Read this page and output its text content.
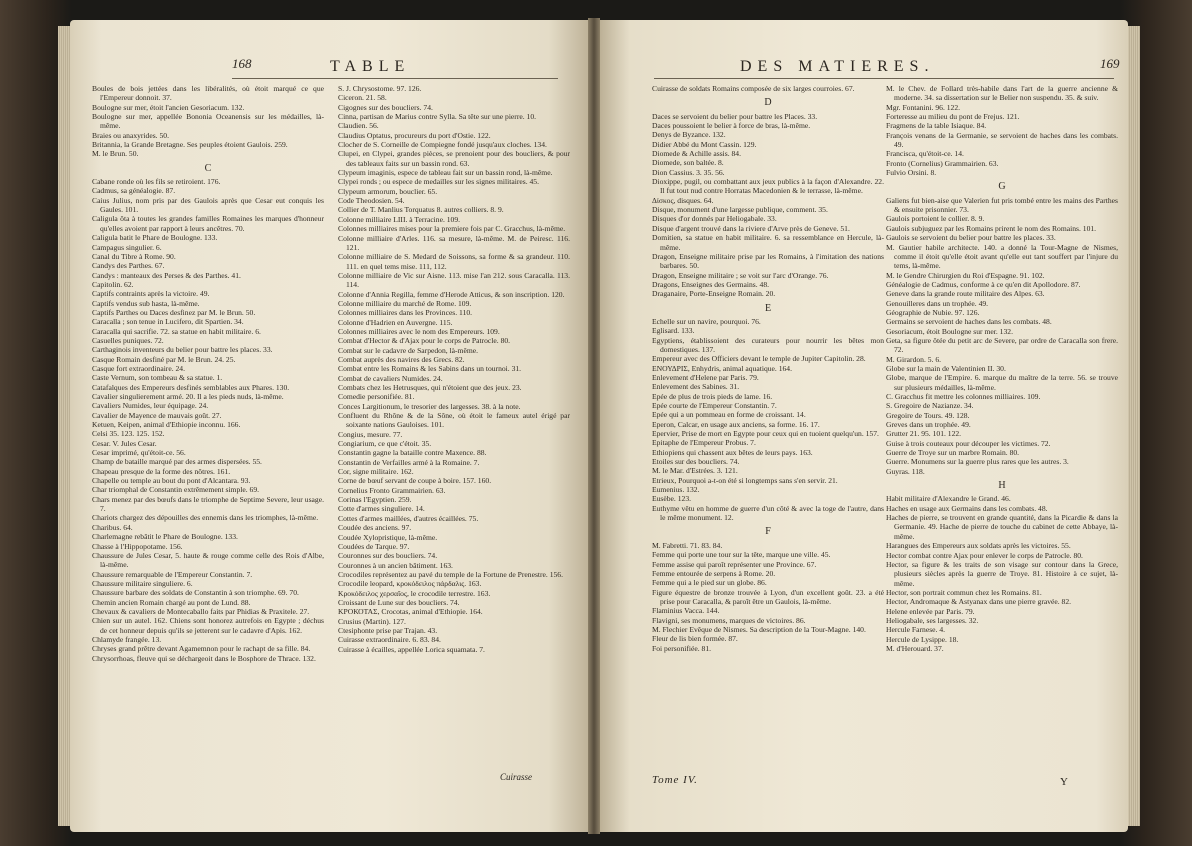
168	TABLE	DES MATIERES.	169

Boules de bois jettées dans les libéralités, où étoit marqué ce que l'Empereur donnoit. 37.

Boulogne sur mer, étoit l'ancien Gesoriacum. 132.

Boulogne sur mer, appellée Bononia Oceanensis sur les médailles, là-même.

Braies ou anaxyrides. 50.

Britannia, la Grande Bretagne. Ses peuples étoient Gaulois. 259.

M. le Brun. 50.

C

Cabane ronde où les fils se retiroient. 176.

Cadmus, sa généalogie. 87.

Caius Julius, nom pris par des Gaulois après que Cesar eut conquis les Gaules. 101.

Caligula ôta à toutes les grandes familles Romaines les marques d'honneur qu'elles avoient par rapport à leurs ancêtres. 70.

Caligula batit le Phare de Boulogne. 133.

Campagus singulier. 6.

Canal du Tibre à Rome. 90.

Candys des Parthes. 67.

Candys : manteaux des Perses & des Parthes. 41.

Capitolin. 62.

Captifs contraints après la victoire. 49.

Captifs vendus sub hasta, là-même.

Captifs Parthes ou Daces desfinez par M. le Brun. 50.

Caracalla ; son tenue in Lucifero, dit Spartien. 34.

Caracalla qui sacrifie. 72. sa statue en habit militaire. 6.

Casuelles puniques. 72.

Carthaginois inventeurs du belier pour battre les places. 33.

Casque Romain desfiné par M. le Brun. 24. 25.

Casque fort extraordinaire. 24.

Caste Vernum, son tombeau & sa statue. 1.

Catafalques des Empereurs desfinés semblables aux Phares. 130.

Cavalier singulierement armé. 20. Il a les pieds nuds, là-même.

Cavaliers Numides, leur équipage. 24.

Cavalier de Mayence de mauvais goût. 27.

Ketuen, Keipen, animal d'Ethiopie inconnu. 166.

Celsi 35. 123. 125. 152.

Cesar. V. Jules Cesar.

Cesar imprimé, qu'étoit-ce. 56.

Champ de bataille marqué par des armes dispersées. 55.

Chapeau presque de la forme des nôtres. 161.

Chapelle ou temple au bout du pont d'Alcantara. 93.

Char triomphal de Constantin extrêmement simple. 69.

Chars menez par des bœufs dans le triomphe de Septime Severe, leur usage. 7.

Chariots chargez des dépouilles des ennemis dans les triomphes, là-même.

Charibus. 64.

Charlemagne rebâtit le Phare de Boulogne. 133.

Chasse à l'Hippopotame. 156.

Chaussure de Jules Cesar, 5. haute & rouge comme celle des Rois d'Albe, là-même.

Chaussure remarquable de l'Empereur Constantin. 7.

Chaussure militaire singuliere. 6.

Chaussure barbare des soldats de Constantin à son triomphe. 69. 70.

Chemin ancien Romain chargé au pont de Lund. 88.

Chevaux & cavaliers de Montecaballo faits par Phidias & Praxitele. 27.

Chien sur un autel. 162. Chiens sont honorez autrefois en Egypte ; déchus de cet honneur depuis qu'ils se jetterent sur le cadavre d'Apis. 162.

Chlamyde frangée. 13.

Chryses grand prêtre devant Agamemnon pour le rachapt de sa fille. 84.

Chrysorrhoas, fleuve qui se déchargeoit dans le Bosphore de Thrace. 132.

S. J. Chrysostome. 97. 126.

Ciceron. 21. 58.

Cigognes sur des boucliers. 74.

Cinna, partisan de Marius contre Sylla. Sa tête sur une pierre. 10.

Claudien. 56.

Claudius Optatus, procureurs du port d'Ostie. 122.

Clocher de S. Corneille de Compiegne fondé jusqu'aux cloches. 134.

Clupei, en Clypei, grandes pièces, se prenoient pour des boucliers, & pour des tableaux faits sur un bassin rond. 63.

Clypeum imaginis, espece de tableau fait sur un bassin rond, là-même.

Clypei ronds ; ou espece de medailles sur les signes militaires. 45.

Clypeum armorum, bouclier. 65.

Code Theodosien. 54.

Collier de T. Manlius Torquatus 8. autres colliers. 8. 9.

Colonne milliaire LIII. à Terracine. 109.

Colonnes milliaires mises pour la premiere fois par C. Gracchus, là-même.

Colonne milliaire d'Arles. 116. sa mesure, là-même. M. de Peiresc. 116. 121.

Colonne milliaire de S. Medard de Soissons, sa forme & sa grandeur. 110. 111. en quel tems mise. 111, 112.

Colonne milliaire de Vic sur Aisne. 113. mise l'an 212. sous Caracalla. 113. 114.

Colonne d'Annia Regilla, femme d'Herode Atticus, & son inscription. 120.

Colonne milliaire du marché de Rome. 109.

Colonnes milliaires dans les Provinces. 110.

Colonne d'Hadrien en Auvergne. 115.

Colonnes milliaires avec le nom des Empereurs. 109.

Combat d'Hector & d'Ajax pour le corps de Patrocle. 80.

Combat sur le cadavre de Sarpedon, là-même.

Combat auprès des navires des Grecs. 82.

Combat entre les Romains & les Sabins dans un tournoi. 31.

Combat de cavaliers Numides. 24.

Combats chez les Hetrusques, qui n'étoient que des jeux. 23.

Comedie personifiée. 81.

Conces Largitionum, le tresorier des largesses. 38. à la note.

Confluent du Rhône & de la Sône, où étoit le fameux autel érigé par soixante nations Gauloises. 101.

Congius, mesure. 77.

Congiarium, ce que c'étoit. 35.

Constantin gagne la bataille contre Maxence. 88.

Constantin de Verfailles armé à la Romaine. 7.

Cor, signe militaire. 162.

Corne de bœuf servant de coupe à boire. 157. 160.

Cornelius Fronto Grammairien. 63.

Corinas l'Egyptien. 259.

Cotte d'armes singuliere. 14.

Cottes d'armes maillées, d'autres écaillées. 75.

Coudée des anciens. 97.

Coudée Xylopristique, là-même.

Coudées de Tarque. 97.

Couronnes sur des boucliers. 74.

Couronnes à un ancien bâtiment. 163.

Crocodiles représentez au pavé du temple de la Fortune de Prenestre. 156.

Crocodile leopard, κροκόδειλος πάρδαλις. 163.

Κροκόδειλος χερσαῖος, le crocodile terrestre. 163.

Croissant de Lune sur des boucliers. 74.

ΚΡΟΚΟΤΑΣ, Crocotas, animal d'Ethiopie. 164.

Crusius (Martin). 127.

Ctesiphonte prise par Trajan. 43.

Cuirasse extraordinaire. 6. 83. 84.

Cuirasse à écailles, appellée Lorica squamata. 7.

Cuirasse

Cuirasse de soldats Romains composée de six larges courroies. 67.

D

Daces se servoient du belier pour battre les Places. 33.

Daces poussoient le belier à force de bras, là-même.

Denys de Byzance. 132.

Didier Abbé du Mont Cassin. 129.

Diomede & Achille assis. 84.

Diomede, son baltée. 8.

Dion Cassius. 3. 35. 56.

Dioxippe, pugil, ou combattant aux jeux publics à la façon d'Alexandre. 22. Il fut tout nud contre Horratas Macedonien & le terrasse, là-même.

Δίσκος, disques. 64.

Disque, monument d'une largesse publique, comment. 35.

Disques d'or donnés par Heliogabale. 33.

Disque d'argent trouvé dans la riviere d'Arve près de Geneve. 51.

Domitien, sa statue en habit militaire. 6. sa ressemblance en Hercule, là-même.

Dragon, Enseigne militaire prise par les Romains, à l'imitation des nations barbares. 50.

Dragon, Enseigne militaire ; se voit sur l'arc d'Orange. 76.

Dragons, Enseignes des Germains. 48.

Draganaire, Porte-Enseigne Romain. 20.

E

Echelle sur un navire, pourquoi. 76.

Eglisard. 133.

Egyptiens, établissoient des curateurs pour nourrir les bêtes mon domestiques. 137.

Empereur avec des Officiers devant le temple de Jupiter Capitolin. 28.

ΕΝΟΥΔΡΙΣ, Enhydris, animal aquatique. 164.

Enlevement d'Helene par Paris. 79.

Enlevement des Sabines. 31.

Epée de plus de trois pieds de lame. 16.

Epée courte de l'Empereur Constantin. 7.

Epée qui a un pommeau en forme de croissant. 14.

Eperon, Calcar, en usage aux anciens, sa forme. 16. 17.

Epervier, Prise de mort en Egypte pour ceux qui en tuoient quelqu'un. 157.

Epitaphe de l'Empereur Probus. 7.

Ethiopiens qui chassent aux bêtes de leurs pays. 163.

Etoiles sur des boucliers. 74.

M. le Mar. d'Estrées. 3. 121.

Etrieux, Pourquoi a-t-on été si longtemps sans s'en servir. 21.

Eumenius. 132.

Eusèbe. 123.

Euthyme vêtu en homme de guerre d'un côté & avec la toge de l'autre, dans le même monument. 12.

F

M. Fabretti. 71. 83. 84.

Femme qui porte une tour sur la tête, marque une ville. 45.

Femme assise qui paroît représenter une Province. 67.

Femme entourée de serpens à Rome. 20.

Femme qui a le pied sur un globe. 86.

Figure équestre de bronze trouvée à Lyon, d'un excellent goût. 23. a été prise pour Caracalla, & paroît être un Gaulois, là-même.

Flaminius Vacca. 144.

Flavigni, ses monumens, marques de victoires. 86.

M. Flechier Evêque de Nismes. Sa description de la Tour-Magne. 140.

Fleur de lis bien formée. 87.

Foi personifiée. 81.

M. le Chev. de Follard très-habile dans l'art de la guerre ancienne & moderne. 34. sa dissertation sur le Belier non suspendu. 35. & suiv.

Mgr. Fontanini. 96. 122.

Forteresse au milieu du pont de Frejus. 121.

Fragmens de la table Isiaque. 84.

François venans de la Germanie, se servoient de haches dans les combats. 49.

Francisca, qu'étoit-ce. 14.

Fronto (Cornelius) Grammairien. 63.

Fulvio Orsini. 8.

G

Galiens fut bien-aise que Valerien fut pris tombé entre les mains des Parthes & ensuite prisonnier. 73.

Gaulois portoient le collier. 8. 9.

Gaulois subjuguez par les Romains prirent le nom des Romains. 101.

Gaulois se servoient du belier pour battre les places. 33.

M. Gautier habile architecte. 140. a donné la Tour-Magne de Nismes, comme il étoit qu'elle étoit avant qu'elle eut tant souffert par l'injure du tems, là-même.

M. le Gendre Chirurgien du Roi d'Espagne. 91. 102.

Généalogie de Cadmus, conforme à ce qu'en dit Apollodore. 87.

Geneve dans la grande route militaire des Alpes. 63.

Genouilleres dans un trophée. 49.

Géographie de Nubie. 97. 126.

Germains se servoient de haches dans les combats. 48.

Gesoriacum, étoit Boulogne sur mer. 132.

Geta, sa figure ôtée du petit arc de Severe, par ordre de Caracalla son frere. 72.

M. Girardon. 5. 6.

Globe sur la main de Valentinien II. 30.

Globe, marque de l'Empire. 6. marque du maître de la terre. 56. se trouve sur plusieurs médailles, là-même.

C. Gracchus fit mettre les colonnes milliaires. 109.

S. Gregoire de Nazianze. 34.

Gregoire de Tours. 49. 128.

Greves dans un trophée. 49.

Grutter 21. 95. 101. 122.

Guise à trois couteaux pour découper les victimes. 72.

Guerre de Troye sur un marbre Romain. 80.

Guerre. Monumens sur la guerre plus rares que les autres. 3.

Guyras. 118.

H

Habit militaire d'Alexandre le Grand. 46.

Haches en usage aux Germains dans les combats. 48.

Haches de pierre, se trouvent en grande quantité, dans la Picardie & dans la Germanie. 49. Hache de pierre de touche du cabinet de cette Abbaye, là-même.

Harangues des Empereurs aux soldats après les victoires. 55.

Hector combat contre Ajax pour enlever le corps de Patrocle. 80.

Hector, sa figure & les traits de son visage sur contour dans la Grece, plusieurs siècles après la guerre de Troye. 81. Histoire à ce sujet, là-même.

Hector, son portrait commun chez les Romains. 81.

Hector, Andromaque & Astyanax dans une pierre gravée. 82.

Helene enlevée par Paris. 79.

Heliogabale, ses largesses. 32.

Hercule Farnese. 4.

Hercule de Lysippe. 18.

M. d'Herouard. 37.

Tome IV.	Y
